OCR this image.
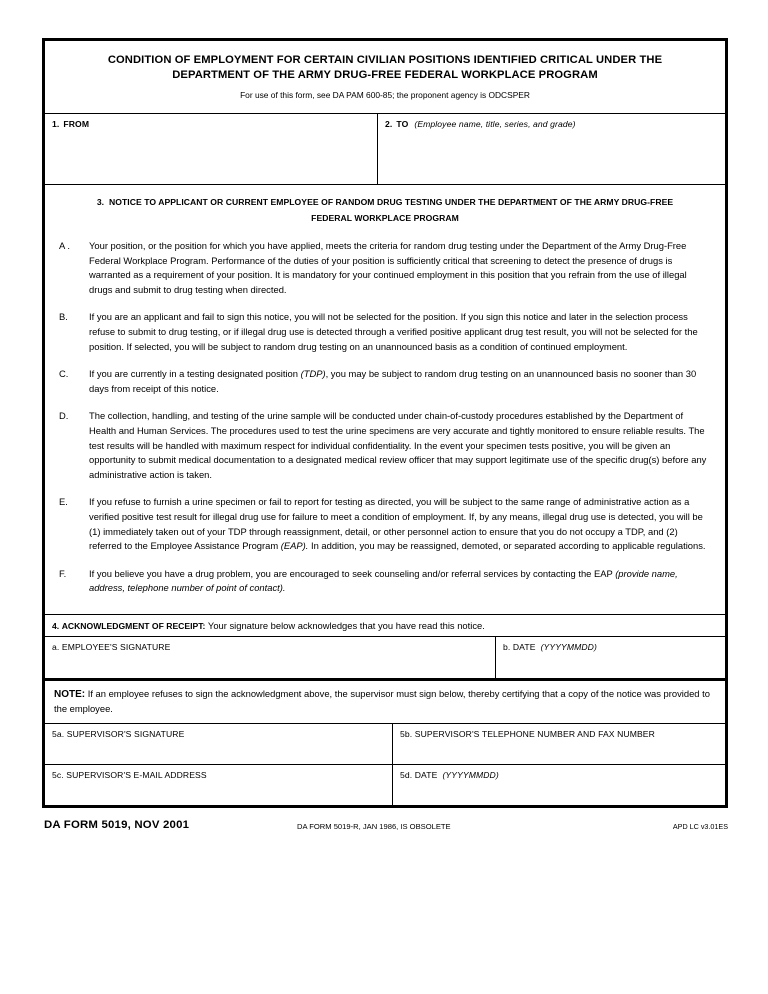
CONDITION OF EMPLOYMENT FOR CERTAIN CIVILIAN POSITIONS IDENTIFIED CRITICAL UNDER THE
DEPARTMENT OF THE ARMY DRUG-FREE FEDERAL WORKPLACE PROGRAM
For use of this form, see DA PAM 600-85; the proponent agency is ODCSPER
1. FROM	2. TO (Employee name, title, series, and grade)
3. NOTICE TO APPLICANT OR CURRENT EMPLOYEE OF RANDOM DRUG TESTING UNDER THE DEPARTMENT OF THE ARMY DRUG-FREE
FEDERAL WORKPLACE PROGRAM
A .	Your position, or the position for which you have applied, meets the criteria for random drug testing under the Department of the Army Drug-Free Federal Workplace Program. Performance of the duties of your position is sufficiently critical that screening to detect the presence of drugs is warranted as a requirement of your position. It is mandatory for your continued employment in this position that you refrain from the use of illegal drugs and submit to drug testing when directed.
B.	If you are an applicant and fail to sign this notice, you will not be selected for the position. If you sign this notice and later in the selection process refuse to submit to drug testing, or if illegal drug use is detected through a verified positive applicant drug test result, you will not be selected for the position. If selected, you will be subject to random drug testing on an unannounced basis as a condition of continued employment.
C.	If you are currently in a testing designated position (TDP), you may be subject to random drug testing on an unannounced basis no sooner than 30 days from receipt of this notice.
D.	The collection, handling, and testing of the urine sample will be conducted under chain-of-custody procedures established by the Department of Health and Human Services. The procedures used to test the urine specimens are very accurate and tightly monitored to ensure reliable results. The test results will be handled with maximum respect for individual confidentiality. In the event your specimen tests positive, you will be given an opportunity to submit medical documentation to a designated medical review officer that may support legitimate use of the specific drug(s) before any administrative action is taken.
E.	If you refuse to furnish a urine specimen or fail to report for testing as directed, you will be subject to the same range of administrative action as a verified positive test result for illegal drug use for failure to meet a condition of employment. If, by any means, illegal drug use is detected, you will be (1) immediately taken out of your TDP through reassignment, detail, or other personnel action to ensure that you do not occupy a TDP, and (2) referred to the Employee Assistance Program (EAP). In addition, you may be reassigned, demoted, or separated according to applicable regulations.
F.	If you believe you have a drug problem, you are encouraged to seek counseling and/or referral services by contacting the EAP (provide name, address, telephone number of point of contact).
4. ACKNOWLEDGMENT OF RECEIPT: Your signature below acknowledges that you have read this notice.
a. EMPLOYEE'S SIGNATURE	b. DATE (YYYYMMDD)
NOTE: If an employee refuses to sign the acknowledgment above, the supervisor must sign below, thereby certifying that a copy of the notice was provided to the employee.
5a. SUPERVISOR'S SIGNATURE	5b. SUPERVISOR'S TELEPHONE NUMBER AND FAX NUMBER
5c. SUPERVISOR'S E-MAIL ADDRESS	5d. DATE (YYYYMMDD)
DA FORM 5019, NOV 2001	DA FORM 5019-R, JAN 1986, IS OBSOLETE	APD LC v3.01ES
